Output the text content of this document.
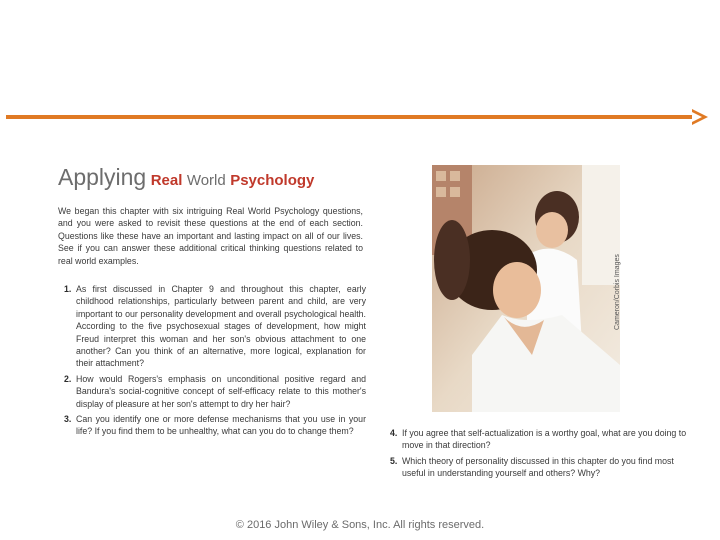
Applying Real World Psychology

We began this chapter with six intriguing Real World Psychology questions, and you were asked to revisit these questions at the end of each section. Questions like these have an important and lasting impact on all of our lives. See if you can answer these additional critical thinking questions related to real world examples.

1. As first discussed in Chapter 9 and throughout this chapter, early childhood relationships, particularly between parent and child, are very important to our personality development and overall psychological health. According to the five psychosexual stages of development, how might Freud interpret this woman and her son's obvious attachment to one another? Can you think of an alternative, more logical, explanation for their attachment?
2. How would Rogers's emphasis on unconditional positive regard and Bandura's social-cognitive concept of self-efficacy relate to this mother's display of pleasure at her son's attempt to dry her hair?
3. Can you identify one or more defense mechanisms that you use in your life? If you find them to be unhealthy, what can you do to change them?
Cameron/Corbis Images
4. If you agree that self-actualization is a worthy goal, what are you doing to move in that direction?
5. Which theory of personality discussed in this chapter do you find most useful in understanding yourself and others? Why?
© 2016 John Wiley & Sons, Inc. All rights reserved.
